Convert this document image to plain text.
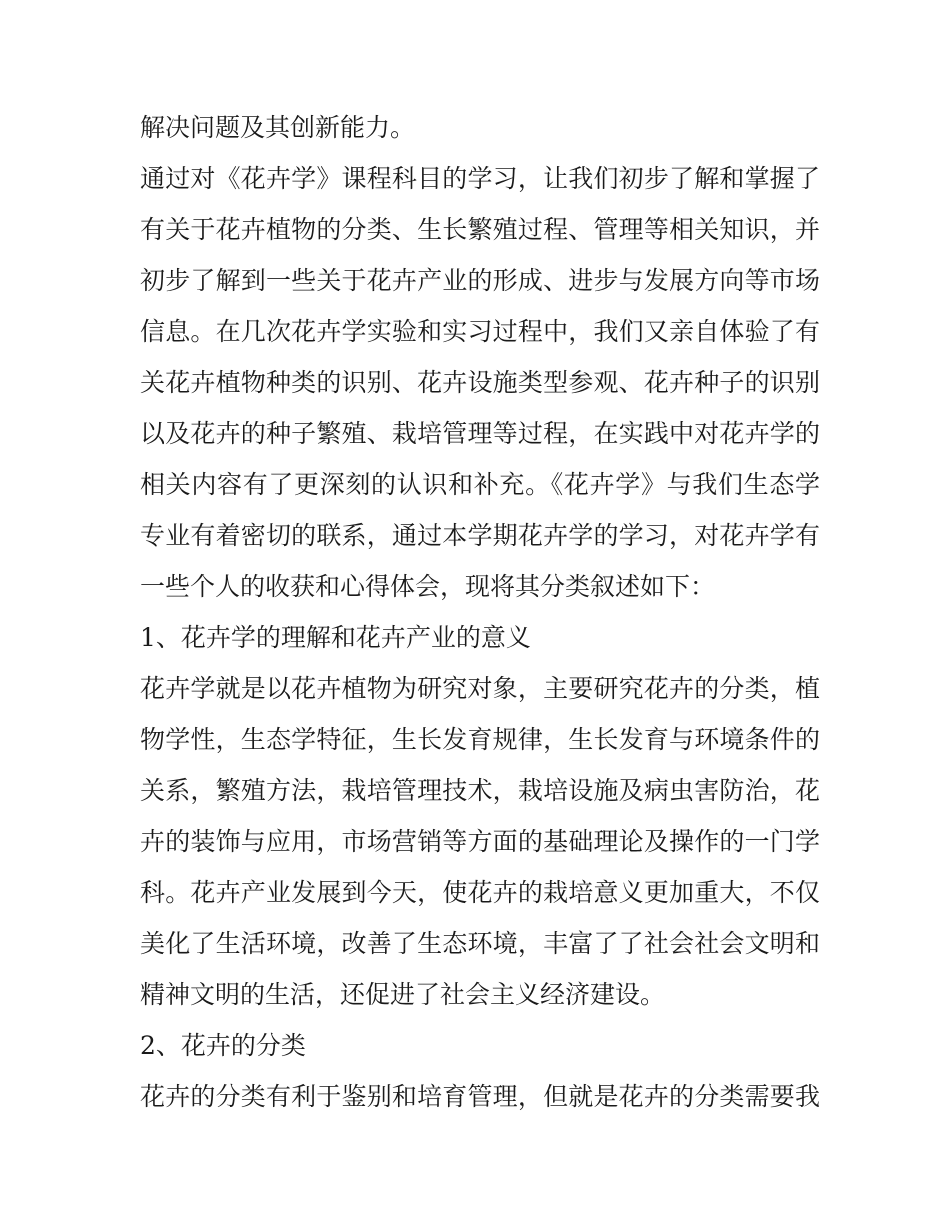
解决问题及其创新能力。
通过对《花卉学》课程科目的学习，让我们初步了解和掌握了
有关于花卉植物的分类、生长繁殖过程、管理等相关知识，并
初步了解到一些关于花卉产业的形成、进步与发展方向等市场
信息。在几次花卉学实验和实习过程中，我们又亲自体验了有
关花卉植物种类的识别、花卉设施类型参观、花卉种子的识别
以及花卉的种子繁殖、栽培管理等过程，在实践中对花卉学的
相关内容有了更深刻的认识和补充。《花卉学》与我们生态学
专业有着密切的联系，通过本学期花卉学的学习，对花卉学有
一些个人的收获和心得体会，现将其分类叙述如下：
1、花卉学的理解和花卉产业的意义
花卉学就是以花卉植物为研究对象，主要研究花卉的分类，植
物学性，生态学特征，生长发育规律，生长发育与环境条件的
关系，繁殖方法，栽培管理技术，栽培设施及病虫害防治，花
卉的装饰与应用，市场营销等方面的基础理论及操作的一门学
科。花卉产业发展到今天，使花卉的栽培意义更加重大，不仅
美化了生活环境，改善了生态环境，丰富了了社会社会文明和
精神文明的生活，还促进了社会主义经济建设。
2、花卉的分类
花卉的分类有利于鉴别和培育管理，但就是花卉的分类需要我
